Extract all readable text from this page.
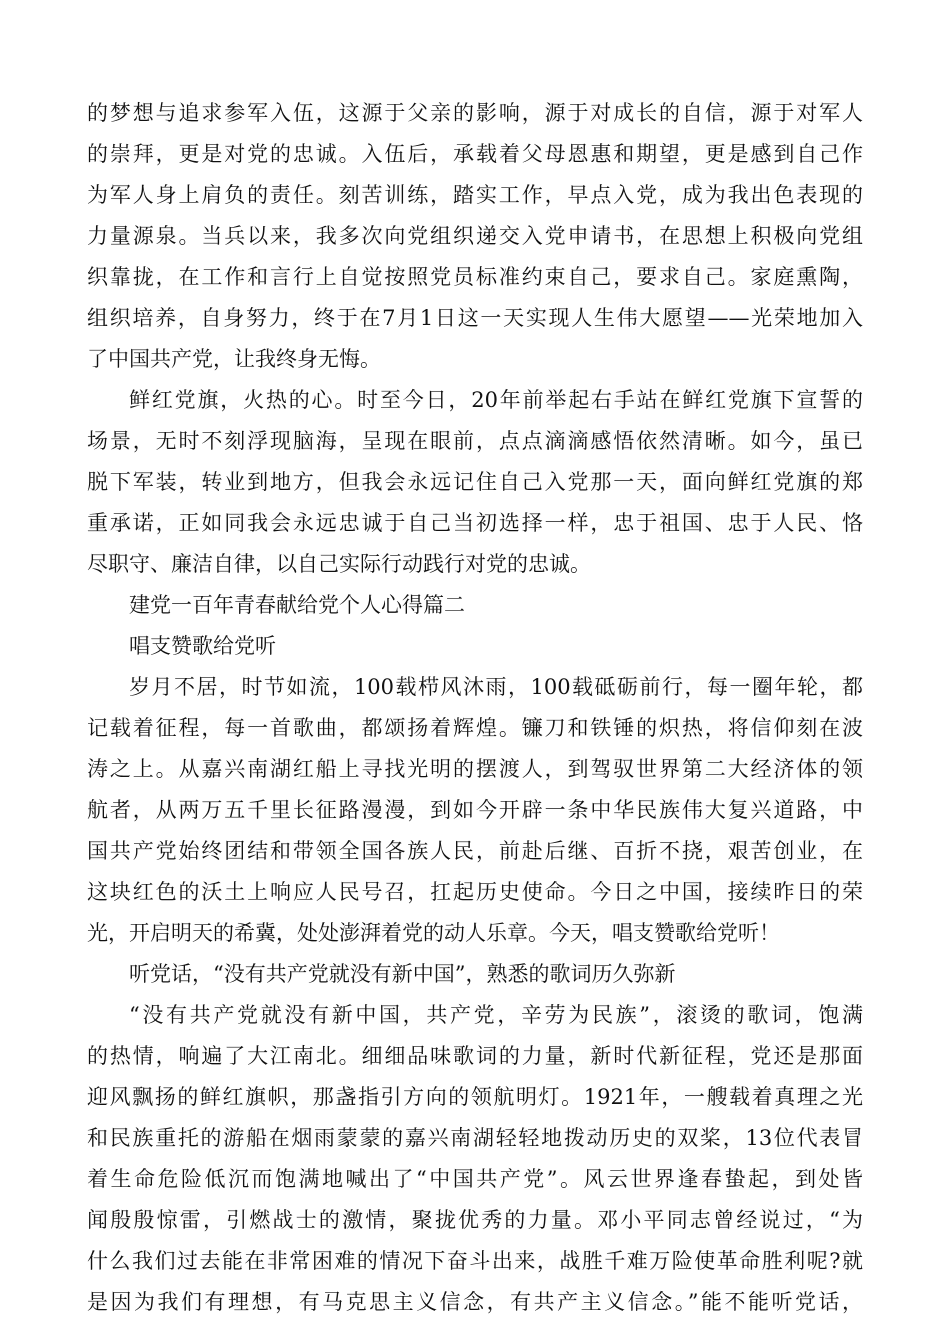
的梦想与追求参军入伍，这源于父亲的影响，源于对成长的自信，源于对军人
的崇拜，更是对党的忠诚。入伍后，承载着父母恩惠和期望，更是感到自己作
为军人身上肩负的责任。刻苦训练，踏实工作，早点入党，成为我出色表现的
力量源泉。当兵以来，我多次向党组织递交入党申请书，在思想上积极向党组
织靠拢，在工作和言行上自觉按照党员标准约束自己，要求自己。家庭熏陶，
组织培养，自身努力，终于在7月1日这一天实现人生伟大愿望——光荣地加入
了中国共产党，让我终身无悔。
鲜红党旗，火热的心。时至今日，20年前举起右手站在鲜红党旗下宣誓的
场景，无时不刻浮现脑海，呈现在眼前，点点滴滴感悟依然清晰。如今，虽已
脱下军装，转业到地方，但我会永远记住自己入党那一天，面向鲜红党旗的郑
重承诺，正如同我会永远忠诚于自己当初选择一样，忠于祖国、忠于人民、恪
尽职守、廉洁自律，以自己实际行动践行对党的忠诚。
建党一百年青春献给党个人心得篇二
唱支赞歌给党听
岁月不居，时节如流，100载栉风沐雨，100载砥砺前行，每一圈年轮，都
记载着征程，每一首歌曲，都颂扬着辉煌。镰刀和铁锤的炽热，将信仰刻在波
涛之上。从嘉兴南湖红船上寻找光明的摆渡人，到驾驭世界第二大经济体的领
航者，从两万五千里长征路漫漫，到如今开辟一条中华民族伟大复兴道路，中
国共产党始终团结和带领全国各族人民，前赴后继、百折不挠，艰苦创业，在
这块红色的沃土上响应人民号召，扛起历史使命。今日之中国，接续昨日的荣
光，开启明天的希冀，处处澎湃着党的动人乐章。今天，唱支赞歌给党听！
听党话，“没有共产党就没有新中国”，熟悉的歌词历久弥新
“没有共产党就没有新中国，共产党，辛劳为民族”，滚烫的歌词，饱满
的热情，响遍了大江南北。细细品味歌词的力量，新时代新征程，党还是那面
迎风飘扬的鲜红旗帜，那盏指引方向的领航明灯。1921年，一艘载着真理之光
和民族重托的游船在烟雨蒙蒙的嘉兴南湖轻轻地拨动历史的双桨，13位代表冒
着生命危险低沉而饱满地喊出了“中国共产党”。风云世界逢春蛰起，到处皆
闻殷殷惊雷，引燃战士的激情，聚拢优秀的力量。邓小平同志曾经说过，“为
什么我们过去能在非常困难的情况下奋斗出来，战胜千难万险使革命胜利呢?就
是因为我们有理想，有马克思主义信念，有共产主义信念。”能不能听党话，
